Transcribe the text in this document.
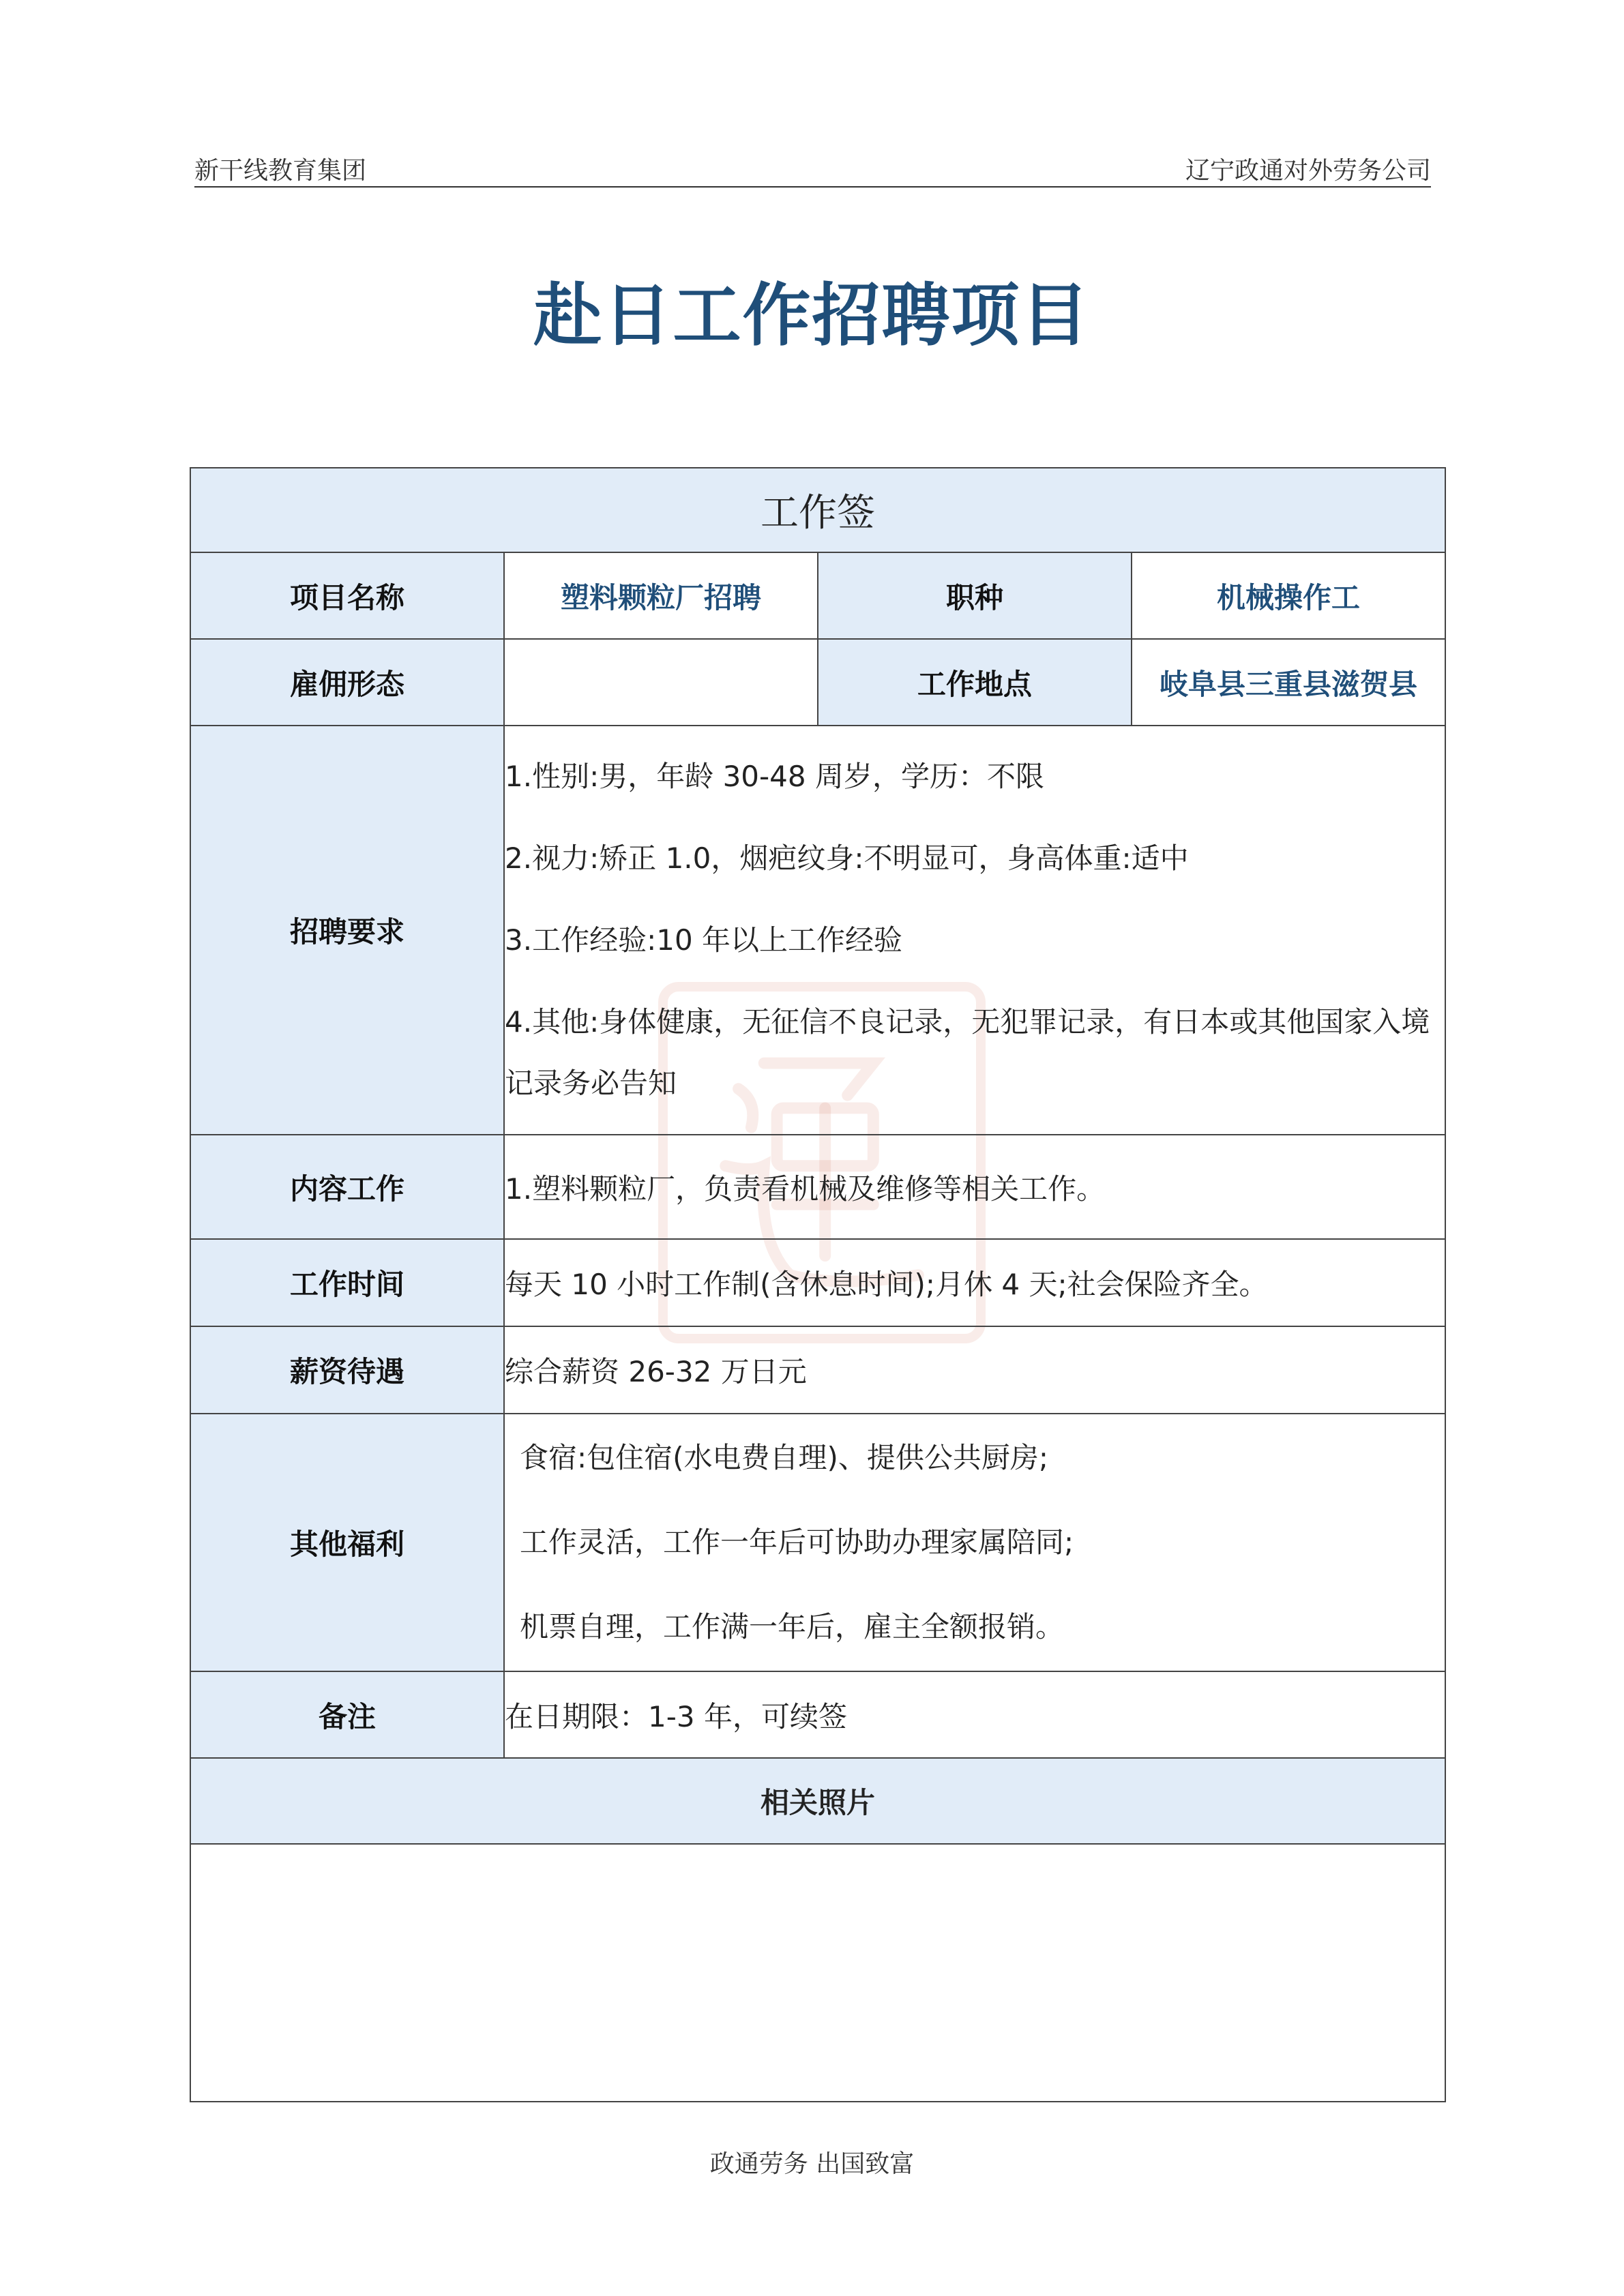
新干线教育集团	辽宁政通对外劳务公司
赴日工作招聘项目
工作签			
项目名称	塑料颗粒厂招聘	职种	机械操作工
雇佣形态		工作地点	岐阜县三重县滋贺县
招聘要求	1.性别:男，年龄 30-48 周岁，学历：不限

2.视力:矫正 1.0，烟疤纹身:不明显可，身高体重:适中

3.工作经验:10 年以上工作经验

4.其他:身体健康，无征信不良记录，无犯罪记录，有日本或其他国家入境记录务必告知		

内容工作	1.塑料颗粒厂，负责看机械及维修等相关工作。		
工作时间	每天 10 小时工作制(含休息时间);月休 4 天;社会保险齐全。		
薪资待遇	综合薪资 26-32 万日元		
其他福利	食宿:包住宿(水电费自理)、提供公共厨房;

工作灵活，工作一年后可协助办理家属陪同;

机票自理，工作满一年后，雇主全额报销。		

备注	在日期限：1-3 年，可续签		
相关照片			

政通劳务 出国致富
